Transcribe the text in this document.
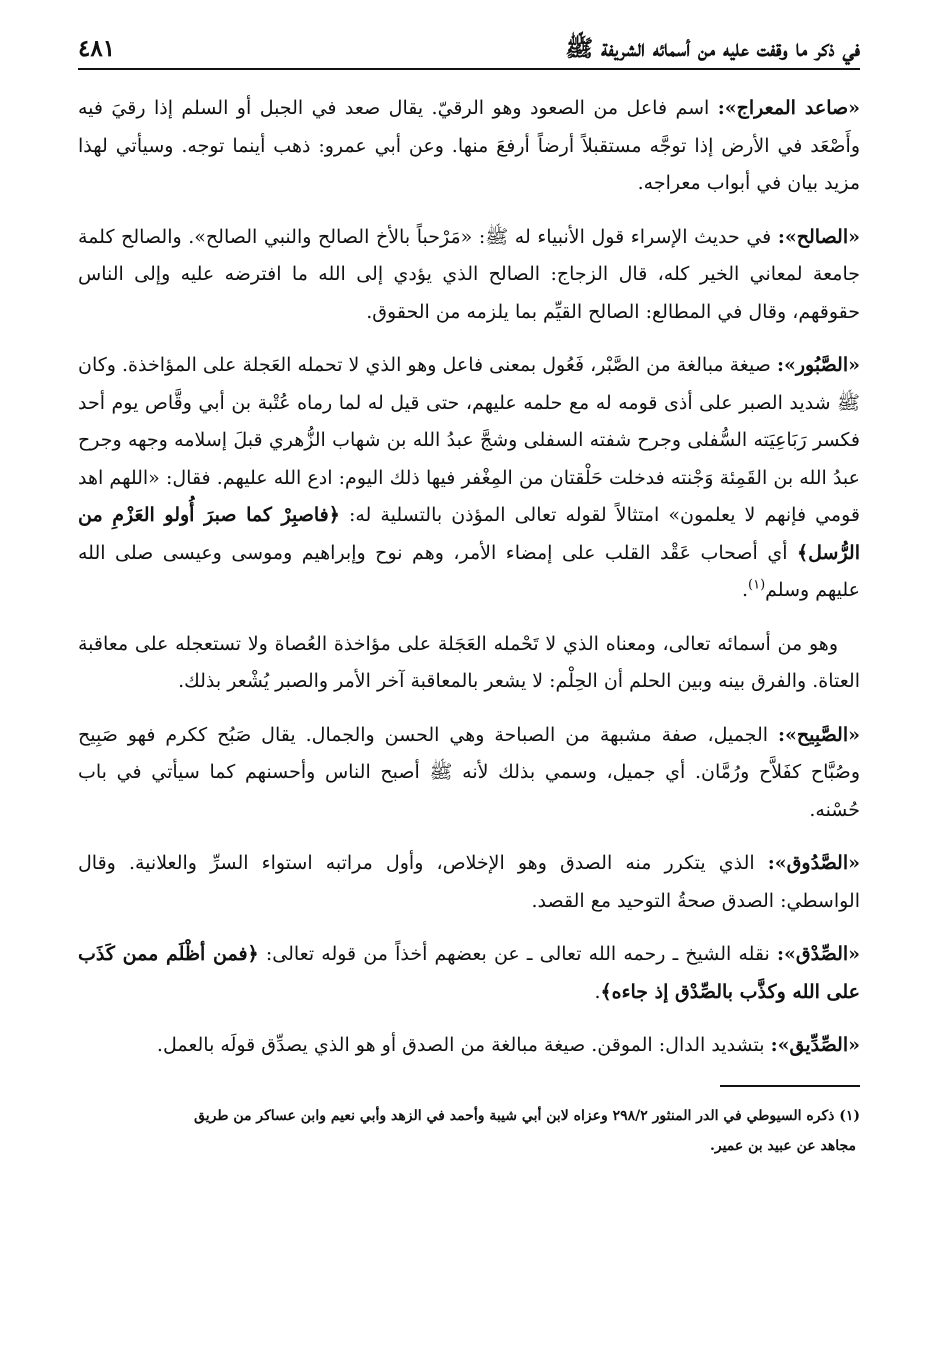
في ذكر ما وقفت عليه من أسمائه الشريفة ﷺ
٤٨١

«صاعد المعراج»: اسم فاعل من الصعود وهو الرقيّ. يقال صعد في الجبل أو السلم إذا رقيَ فيه وأَصْعَد في الأرض إذا توجَّه مستقبلاً أرضاً أرفعَ منها. وعن أبي عمرو: ذهب أينما توجه. وسيأتي لهذا مزيد بيان في أبواب معراجه.

«الصالح»: في حديث الإسراء قول الأنبياء له ﷺ: «مَرْحباً بالأخ الصالح والنبي الصالح». والصالح كلمة جامعة لمعاني الخير كله، قال الزجاج: الصالح الذي يؤدي إلى الله ما افترضه عليه وإلى الناس حقوقهم، وقال في المطالع: الصالح القيِّم بما يلزمه من الحقوق.

«الصَّبُور»: صيغة مبالغة من الصَّبْر، فَعُول بمعنى فاعل وهو الذي لا تحمله العَجلة على المؤاخذة. وكان ﷺ شديد الصبر على أذى قومه له مع حلمه عليهم، حتى قيل له لما رماه عُتْبة بن أبي وقَّاص يوم أحد فكسر رَبَاعِيَته السُّفلى وجرح شفته السفلى وشجَّ عبدُ الله بن شهاب الزُّهري قبلَ إسلامه وجهه وجرح عبدُ الله بن القَمِئة وَجْنته فدخلت حَلْقتان من المِغْفر فيها ذلك اليوم: ادع الله عليهم. فقال: «اللهم اهد قومي فإنهم لا يعلمون» امتثالاً لقوله تعالى المؤذن بالتسلية له: ﴿فاصبِرْ كما صبرَ أُولو العَزْمِ من الرُّسل﴾ أي أصحاب عَقْد القلب على إمضاء الأمر، وهم نوح وإبراهيم وموسى وعيسى صلى الله عليهم وسلم$^{(١)}$.

وهو من أسمائه تعالى، ومعناه الذي لا تَحْمله العَجَلة على مؤاخذة العُصاة ولا تستعجله على معاقبة العتاة. والفرق بينه وبين الحلم أن الحِلْم: لا يشعر بالمعاقبة آخر الأمر والصبر يُشْعر بذلك.

«الصَّبِيح»: الجميل، صفة مشبهة من الصباحة وهي الحسن والجمال. يقال صَبُح ككرم فهو صَبِيح وصُبَّاح كفَلاَّح ورُمَّان. أي جميل، وسمي بذلك لأنه ﷺ أصبح الناس وأحسنهم كما سيأتي في باب حُسْنه.

«الصَّدُوق»: الذي يتكرر منه الصدق وهو الإخلاص، وأول مراتبه استواء السرِّ والعلانية. وقال الواسطي: الصدق صحةُ التوحيد مع القصد.

«الصِّدْق»: نقله الشيخ ـ رحمه الله تعالى ـ عن بعضهم أخذاً من قوله تعالى: ﴿فمن أظْلَم ممن كَذَب على الله وكذَّب بالصِّدْق إذ جاءه﴾.

«الصِّدِّيق»: بتشديد الدال: الموقن. صيغة مبالغة من الصدق أو هو الذي يصدِّق قولَه بالعمل.

(١) ذكره السيوطي في الدر المنثور ٢٩٨/٢ وعزاه لابن أبي شيبة وأحمد في الزهد وأبي نعيم وابن عساكر من طريق
مجاهد عن عبيد بن عمير.
